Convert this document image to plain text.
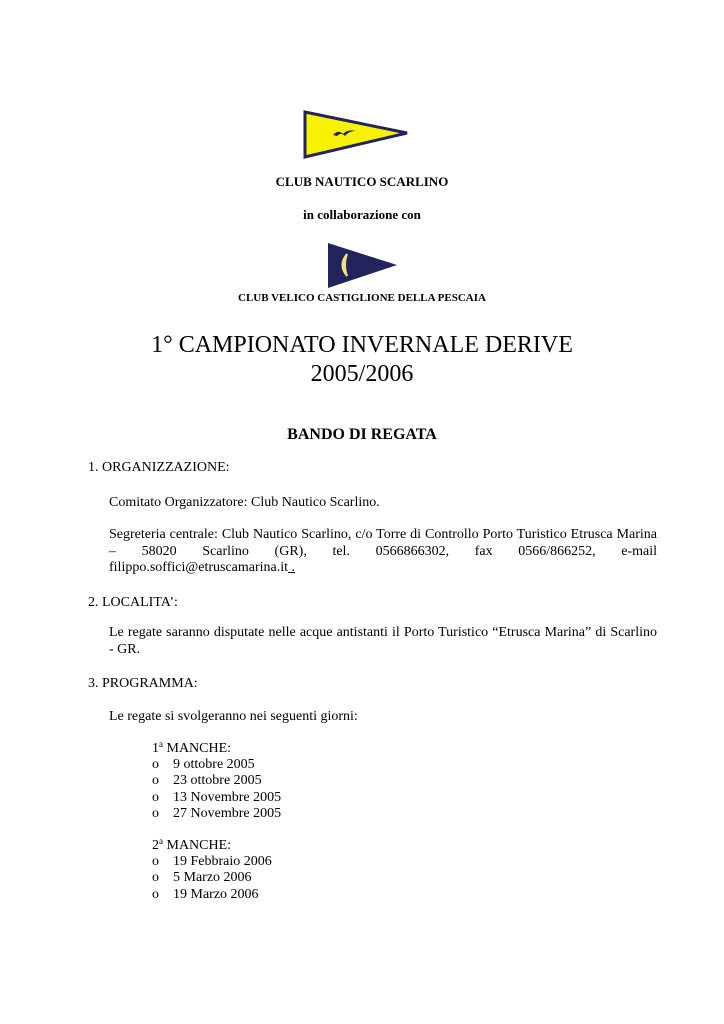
CLUB NAUTICO SCARLINO
in collaborazione con
CLUB VELICO CASTIGLIONE DELLA PESCAIA
1° CAMPIONATO INVERNALE DERIVE
2005/2006
BANDO DI REGATA
1. ORGANIZZAZIONE:
Comitato Organizzatore: Club Nautico Scarlino.
Segreteria centrale: Club Nautico Scarlino, c/o Torre di Controllo Porto Turistico Etrusca Marina – 58020 Scarlino (GR), tel. 0566866302, fax 0566/866252, e-mail filippo.soffici@etruscamarina.it .
2. LOCALITA’:
Le regate saranno disputate nelle acque antistanti il Porto Turistico “Etrusca Marina” di Scarlino - GR.
3. PROGRAMMA:
Le regate si svolgeranno nei seguenti giorni:
1$^a$ MANCHE:
o 9 ottobre 2005
o 23 ottobre 2005
o 13 Novembre 2005
o 27 Novembre 2005
2$^a$ MANCHE:
o 19 Febbraio 2006
o 5 Marzo 2006
o 19 Marzo 2006
